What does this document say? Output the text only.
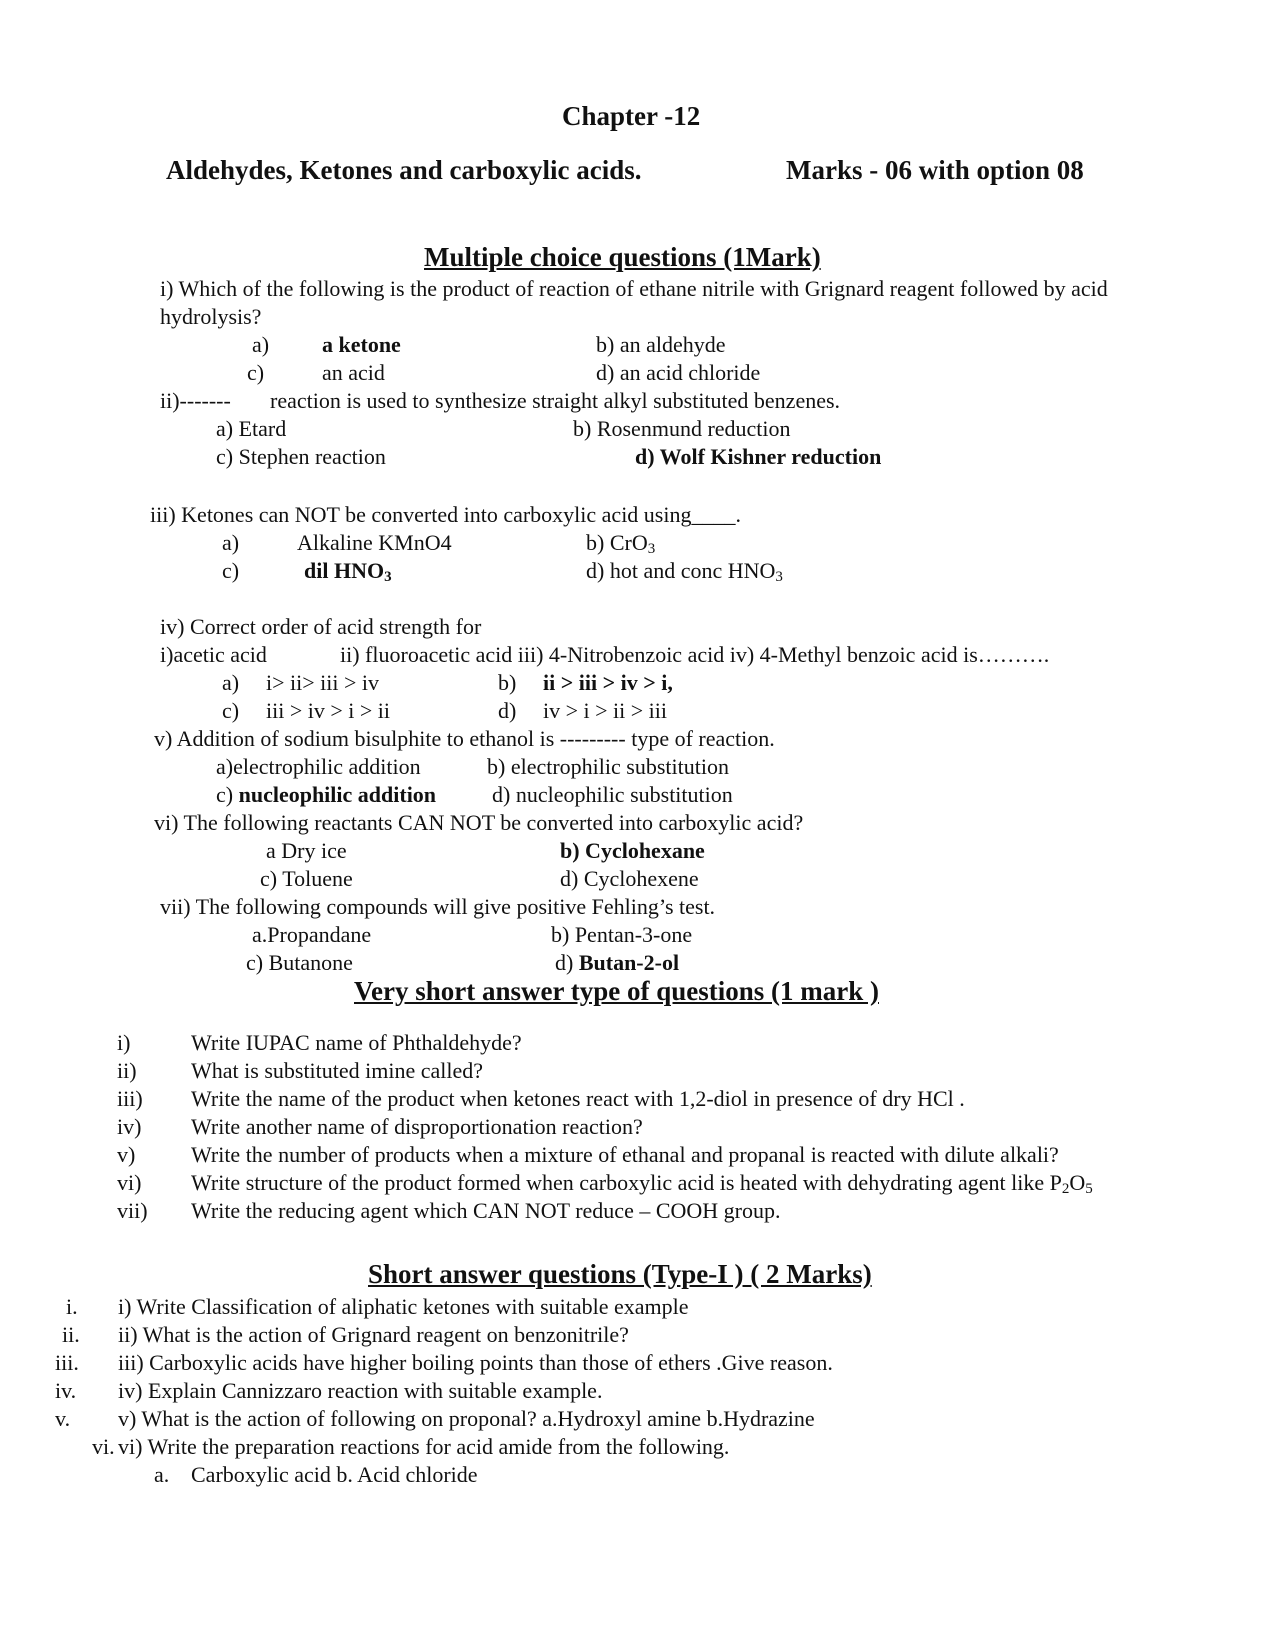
Chapter -12
Aldehydes, Ketones and carboxylic acids.	Marks - 06 with option 08
Multiple choice questions (1Mark)
i) Which of the following is the product of reaction of ethane nitrile with Grignard reagent followed by acid
hydrolysis?
a) a ketone	b) an aldehyde
c)	an acid	d) an acid chloride
ii)------- reaction is used to synthesize straight alkyl substituted benzenes.
a) Etard	b) Rosenmund reduction
c) Stephen reaction	d) Wolf Kishner reduction
iii) Ketones can NOT be converted into carboxylic acid using____.
a)	Alkaline KMnO4	b) CrO$_3$
c)	dil $HNO_3$	d) hot and conc $HNO_3$
iv) Correct order of acid strength for
i)acetic acid	ii) fluoroacetic acid iii) 4-Nitrobenzoic acid iv) 4-Methyl benzoic acid is……….
a) i> ii> iii > iv	b) ii > iii > iv > i,
c) iii > iv > i > ii	d) iv > i > ii > iii
v) Addition of sodium bisulphite to ethanol is --------- type of reaction.
a)electrophilic addition	b) electrophilic substitution
c) nucleophilic addition	d) nucleophilic substitution
vi) The following reactants CAN NOT be converted into carboxylic acid?
a Dry ice	b) Cyclohexane
c) Toluene	d) Cyclohexene
vii) The following compounds will give positive Fehling’s test.
a.Propandane	b) Pentan-3-one
c) Butanone	d) Butan-2-ol
Very short answer type of questions (1 mark )
i)	Write IUPAC name of Phthaldehyde?
ii) What is substituted imine called?
iii) Write the name of the product when ketones react with 1,2-diol in presence of dry HCl .
iv) Write another name of disproportionation reaction?
v)	Write the number of products when a mixture of ethanal and propanal is reacted with dilute alkali?
vi) Write structure of the product formed when carboxylic acid is heated with dehydrating agent like $P_2O_5$
vii) Write the reducing agent which CAN NOT reduce – COOH group.
Short answer questions (Type-I ) ( 2 Marks)
i. i) Write Classification of aliphatic ketones with suitable example
ii. ii) What is the action of Grignard reagent on benzonitrile?
iii. iii) Carboxylic acids have higher boiling points than those of ethers .Give reason.
iv. iv) Explain Cannizzaro reaction with suitable example.
v. v) What is the action of following on proponal? a.Hydroxyl amine b.Hydrazine
vi. vi) Write the preparation reactions for acid amide from the following.
a. Carboxylic acid b. Acid chloride
